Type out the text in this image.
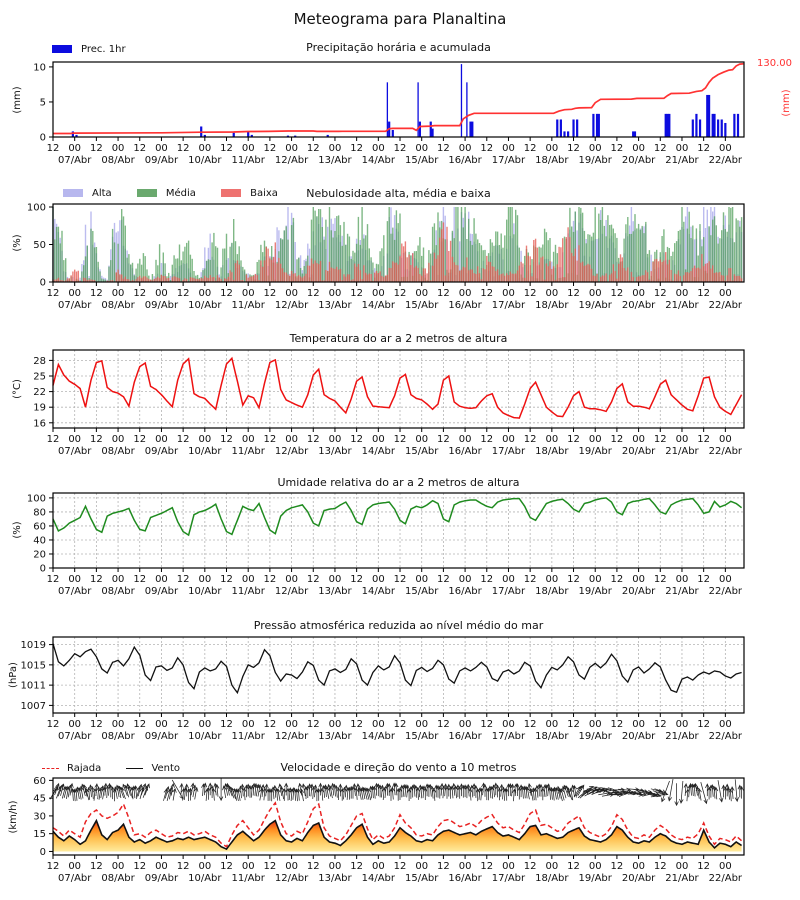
Meteograma para Planaltina
Precipitação horária e acumulada
Nebulosidade alta, média e baixa
Temperatura do ar a 2 metros de altura
Umidade relativa do ar a 2 metros de altura
Pressão atmosférica reduzida ao nível médio do mar
Velocidade e direção do vento a 10 metros
Prec. 1hr
Alta	Média	Baixa
Rajada	Vento
12 00 12 00 12 00 12 00 12 00 12 00 12 00 12 00 12 00 12 00 12 00 12 00 12 00 12 00 12 00 12 00
07/Abr 08/Abr 09/Abr 10/Abr 11/Abr 12/Abr 13/Abr 14/Abr 15/Abr 16/Abr 17/Abr 18/Abr 19/Abr 20/Abr 21/Abr 22/Abr
0
5
10
12 00 12 00 12 00 12 00 12 00 12 00 12 00 12 00 12 00 12 00 12 00 12 00 12 00 12 00 12 00 12 00
07/Abr 08/Abr 09/Abr 10/Abr 11/Abr 12/Abr 13/Abr 14/Abr 15/Abr 16/Abr 17/Abr 18/Abr 19/Abr 20/Abr 21/Abr 22/Abr
0
50
100
12 00 12 00 12 00 12 00 12 00 12 00 12 00 12 00 12 00 12 00 12 00 12 00 12 00 12 00 12 00 12 00
07/Abr 08/Abr 09/Abr 10/Abr 11/Abr 12/Abr 13/Abr 14/Abr 15/Abr 16/Abr 17/Abr 18/Abr 19/Abr 20/Abr 21/Abr 22/Abr
16
19
22
25
28
12 00 12 00 12 00 12 00 12 00 12 00 12 00 12 00 12 00 12 00 12 00 12 00 12 00 12 00 12 00 12 00
07/Abr 08/Abr 09/Abr 10/Abr 11/Abr 12/Abr 13/Abr 14/Abr 15/Abr 16/Abr 17/Abr 18/Abr 19/Abr 20/Abr 21/Abr 22/Abr
0
20
40
60
80
100
12 00 12 00 12 00 12 00 12 00 12 00 12 00 12 00 12 00 12 00 12 00 12 00 12 00 12 00 12 00 12 00
07/Abr 08/Abr 09/Abr 10/Abr 11/Abr 12/Abr 13/Abr 14/Abr 15/Abr 16/Abr 17/Abr 18/Abr 19/Abr 20/Abr 21/Abr 22/Abr
1007
1011
1015
1019
12 00 12 00 12 00 12 00 12 00 12 00 12 00 12 00 12 00 12 00 12 00 12 00 12 00 12 00 12 00 12 00
07/Abr 08/Abr 09/Abr 10/Abr 11/Abr 12/Abr 13/Abr 14/Abr 15/Abr 16/Abr 17/Abr 18/Abr 19/Abr 20/Abr 21/Abr 22/Abr
0
15
30
45
60
(mm)	(mm)
130.00
(%)
(°C)
(%)
(hPa)
(km/h)
